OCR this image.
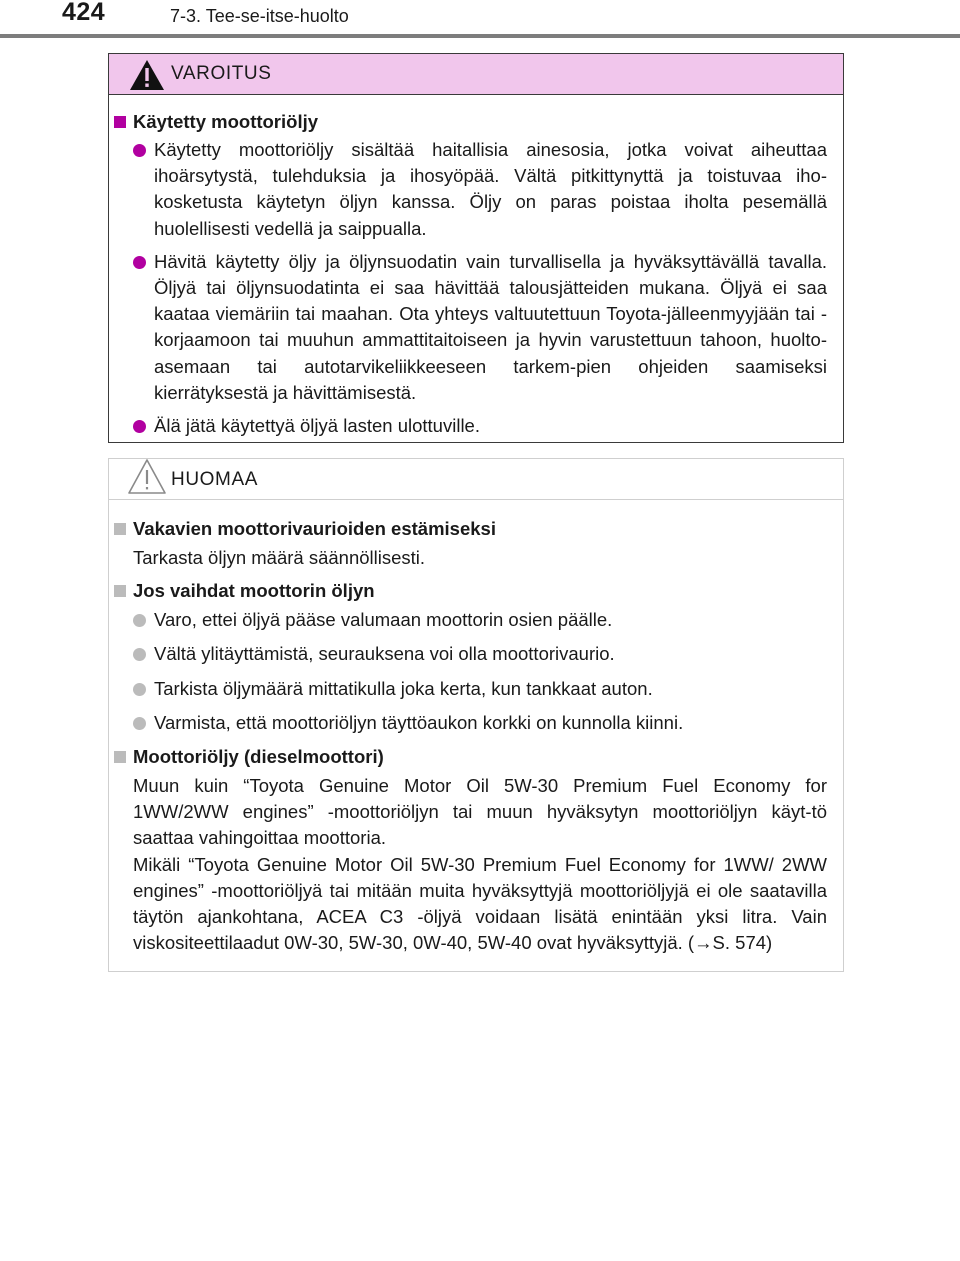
424	7-3. Tee-se-itse-huolto
VAROITUS
Käytetty moottoriöljy
Käytetty moottoriöljy sisältää haitallisia ainesosia, jotka voivat aiheuttaa ihoärsytystä, tulehduksia ja ihosyöpää. Vältä pitkittynyttä ja toistuvaa iho-kosketusta käytetyn öljyn kanssa. Öljy on paras poistaa iholta pesemällä huolellisesti vedellä ja saippualla.
Hävitä käytetty öljy ja öljynsuodatin vain turvallisella ja hyväksyttävällä tavalla. Öljyä tai öljynsuodatinta ei saa hävittää talousjätteiden mukana. Öljyä ei saa kaataa viemäriin tai maahan. Ota yhteys valtuutettuun Toyota-jälleenmyyjään tai -korjaamoon tai muuhun ammattitaitoiseen ja hyvin varustettuun tahoon, huolto-asemaan tai autotarvikeliikkeeseen tarkem-pien ohjeiden saamiseksi kierrätyksestä ja hävittämisestä.
Älä jätä käytettyä öljyä lasten ulottuville.
HUOMAA
Vakavien moottorivaurioiden estämiseksi
Tarkasta öljyn määrä säännöllisesti.
Jos vaihdat moottorin öljyn
Varo, ettei öljyä pääse valumaan moottorin osien päälle.
Vältä ylitäyttämistä, seurauksena voi olla moottorivaurio.
Tarkista öljymäärä mittatikulla joka kerta, kun tankkaat auton.
Varmista, että moottoriöljyn täyttöaukon korkki on kunnolla kiinni.
Moottoriöljy (dieselmoottori)
Muun kuin “Toyota Genuine Motor Oil 5W-30 Premium Fuel Economy for 1WW/2WW engines” -moottoriöljyn tai muun hyväksytyn moottoriöljyn käyt-tö saattaa vahingoittaa moottoria.
Mikäli “Toyota Genuine Motor Oil 5W-30 Premium Fuel Economy for 1WW/ 2WW engines” -moottoriöljyä tai mitään muita hyväksyttyjä moottoriöljyjä ei ole saatavilla täytön ajankohtana, ACEA C3 -öljyä voidaan lisätä enintään yksi litra. Vain viskositeettilaadut 0W-30, 5W-30, 0W-40, 5W-40 ovat hyväksyttyjä. (→S. 574)
